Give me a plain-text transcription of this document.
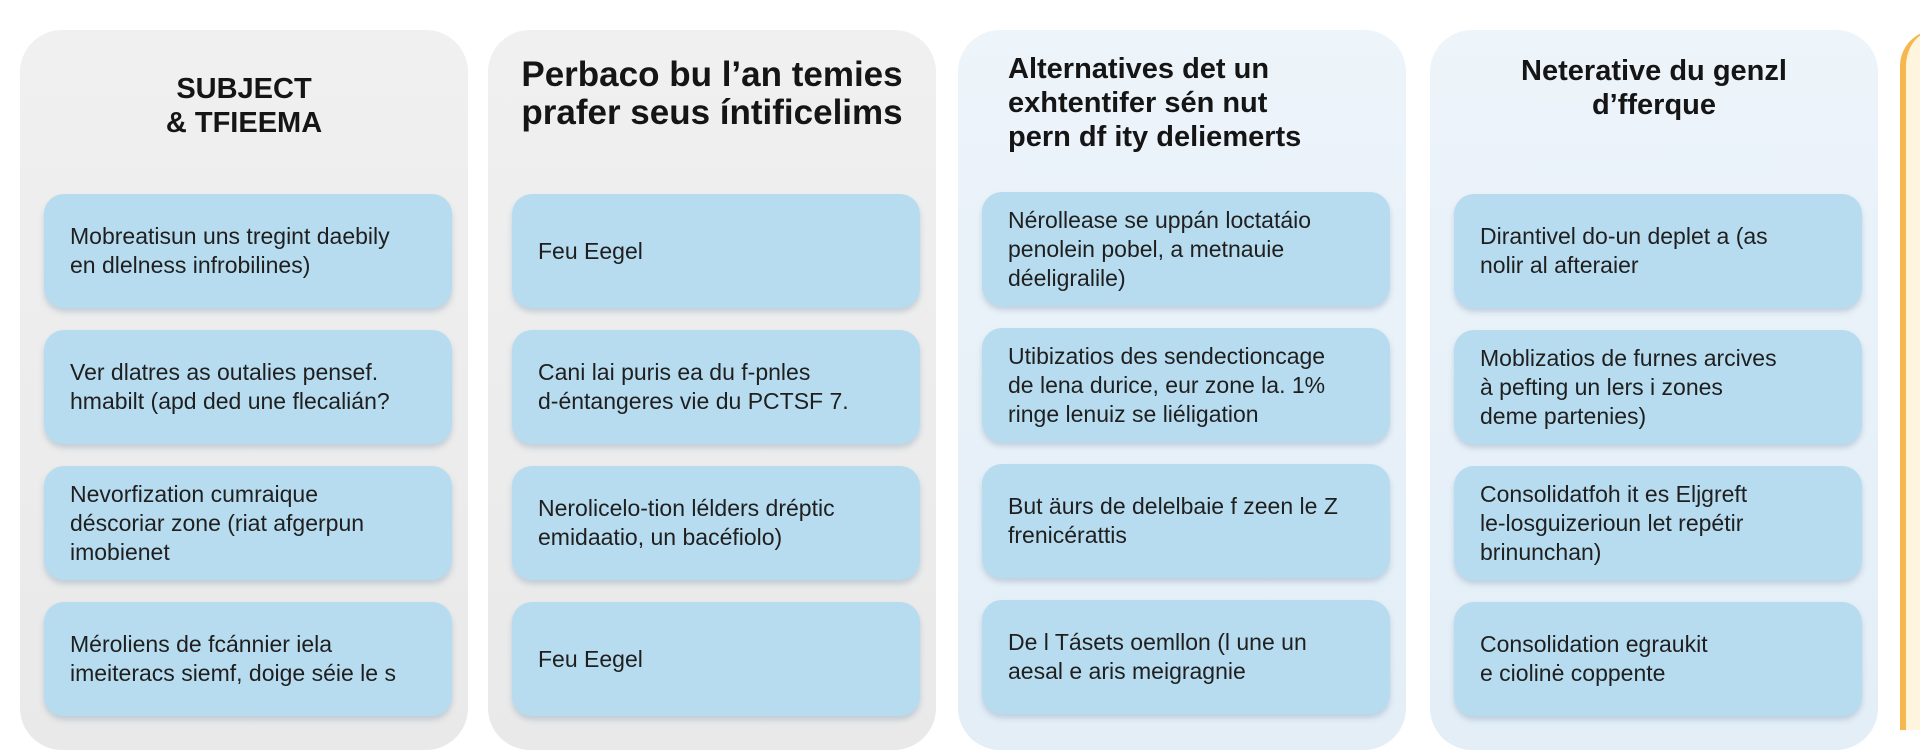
SUBJECT
& TFIEEMA
Mobreatisun uns tregint daebily
en dlelness infrobilines)
Ver dlatres as outalies pensef.
hmabilt (apd ded une flecalián?
Nevorfization cumraique
déscoriar zone (riat afgerpun
imobienet
Méroliens de fcánnier iela
imeiteracs siemf, doige séie le s
Perbaco bu l’an temies
prafer seus íntificelims
Feu Eegel
Cani lai puris ea du f-pnles
d-éntangeres vie du PCTSF 7.
Nerolicelo-tion lélders dréptic
emidaatio, un bacéfiolo)
Feu Eegel
Alternatives det un
exhtentifer sén nut
pern df ity deliemerts
Nérollease se uppán loctatáio
penolein pobel, a metnauie
déeligralile)
Utibizatios des sendectioncage
de lena durice, eur zone la. 1%
ringe lenuiz se liéligation
But äurs de delelbaie f zeen le Z
frenicérattis
De l Tásets oemllon (l une un
aesal e aris meigragnie
Neterative du genzl
d’fferque
Dirantivel do-un deplet a (as
nolir al afteraier
Moblizatios de furnes arcives
à pefting un lers i zones
deme partenies)
Consolidatfoh it es Eljgreft
le-losguizerioun let repétir
brinunchan)
Consolidation egraukit
e ciolinė coppente
